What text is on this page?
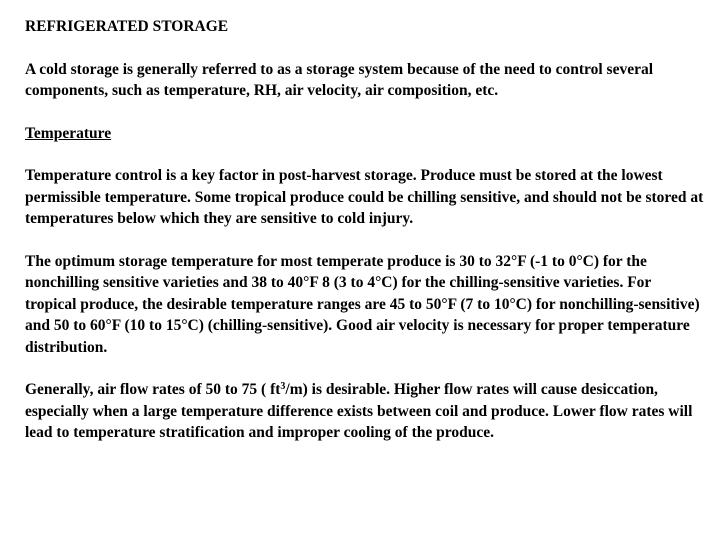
REFRIGERATED STORAGE
A cold storage is generally referred to as a storage system because of the need to control several components, such as temperature, RH, air velocity, air composition, etc.
Temperature
Temperature control is a key factor in post-harvest storage. Produce must be stored at the lowest permissible temperature. Some tropical produce could be chilling sensitive, and should not be stored at temperatures below which they are sensitive to cold injury.
The optimum storage temperature for most temperate produce is 30 to 32°F (-1 to 0°C) for the nonchilling sensitive varieties and 38 to 40°F 8 (3 to 4°C) for the chilling-sensitive varieties. For tropical produce, the desirable temperature ranges are 45 to 50°F (7 to 10°C) for nonchilling-sensitive) and 50 to 60°F (10 to 15°C) (chilling-sensitive). Good air velocity is necessary for proper temperature distribution.
Generally, air flow rates of 50 to 75 ( $ft^3/m$) is desirable. Higher flow rates will cause desiccation, especially when a large temperature difference exists between coil and produce. Lower flow rates will lead to temperature stratification and improper cooling of the produce.
